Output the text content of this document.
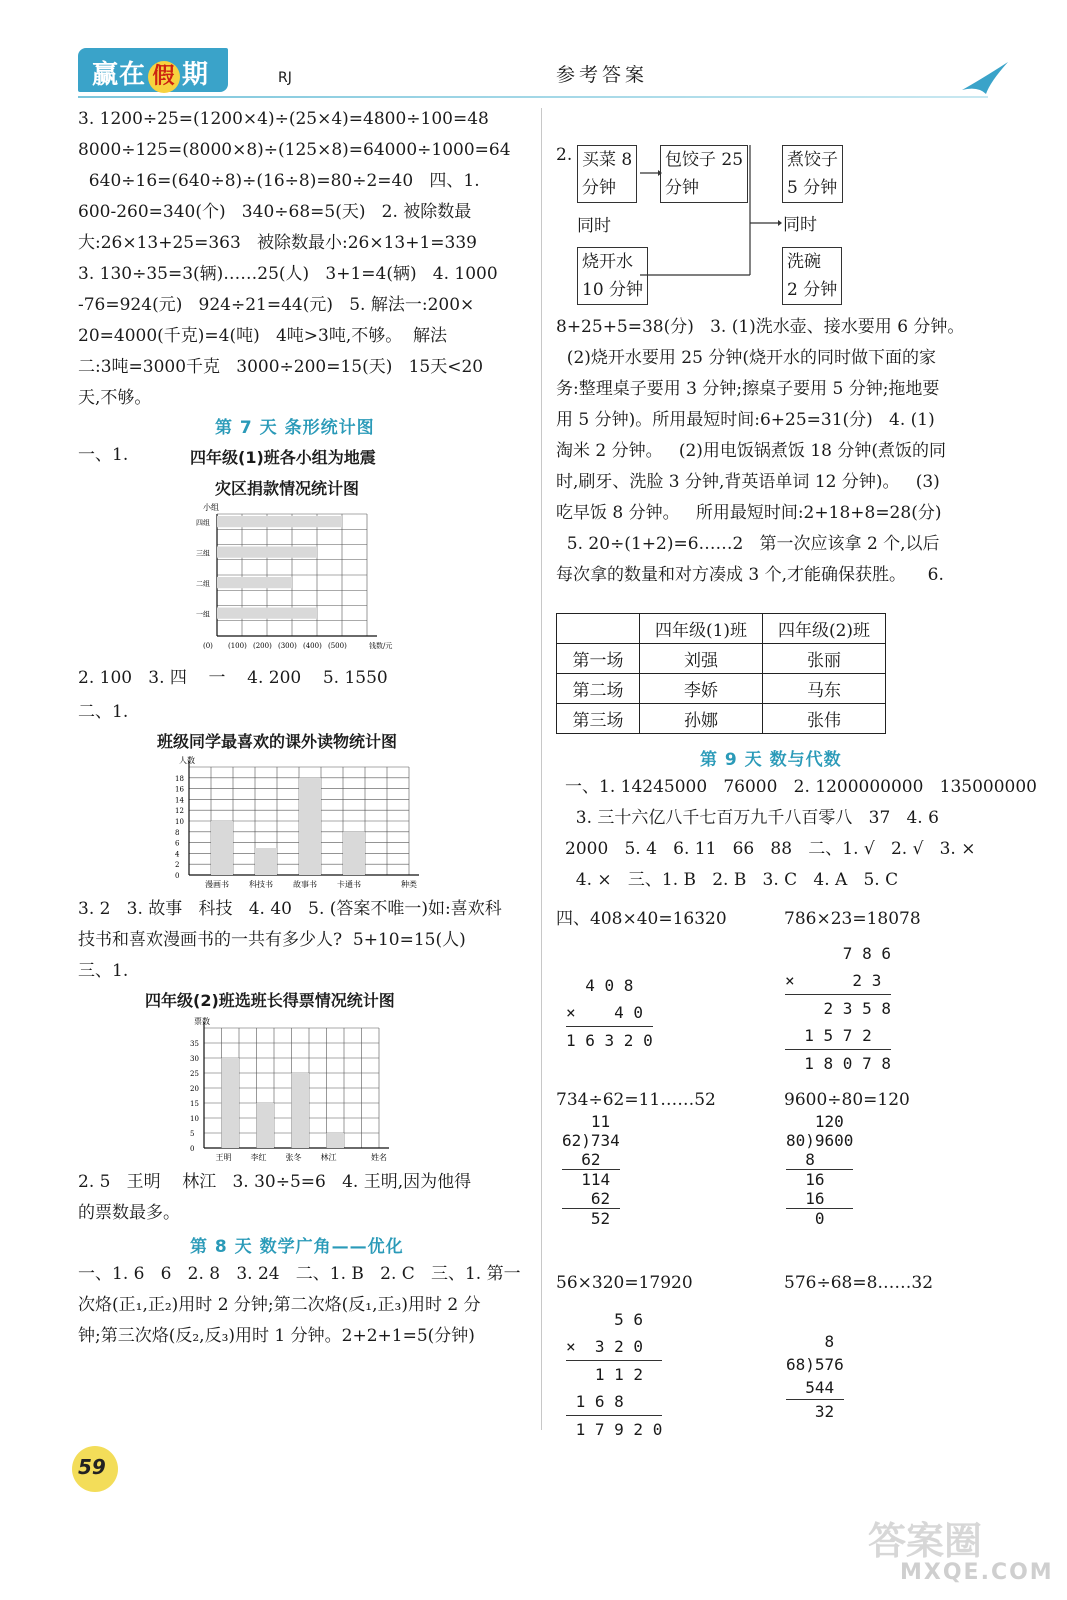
赢在 假 期	RJ	参考答案
3. 1200÷25=(1200×4)÷(25×4)=4800÷100=48
8000÷125=(8000×8)÷(125×8)=64000÷1000=64
640÷16=(640÷8)÷(16÷8)=80÷2=40   四、1.
600-260=340(个)   340÷68=5(天)   2. 被除数最
大:26×13+25=363   被除数最小:26×13+1=339
3. 130÷35=3(辆)……25(人)   3+1=4(辆)   4. 1000
-76=924(元)   924÷21=44(元)   5. 解法一:200×
20=4000(千克)=4(吨)   4吨>3吨,不够。  解法
二:3吨=3000千克   3000÷200=15(天)   15天<20
天,不够。
第 7 天 条形统计图
一、1.	四年级(1)班各小组为地震
灾区捐款情况统计图
小组
一组
二组
三组
四组
(0) (100) (200) (300) (400) (500)	钱数/元
2. 100   3. 四    一    4. 200    5. 1550
二、1.
班级同学最喜欢的课外读物统计图
人数
0
2
4
6
8
10
12
14
16
18
漫画书	科技书	故事书	卡通书	种类
3. 2   3. 故事   科技   4. 40   5. (答案不唯一)如:喜欢科
技书和喜欢漫画书的一共有多少人?  5+10=15(人)
三、1.
四年级(2)班选班长得票情况统计图
票数
0
5
10
15
20
25
30
35
王明 李红 张冬 林江	姓名
2. 5   王明    林江   3. 30÷5=6   4. 王明,因为他得
的票数最多。
第 8 天 数学广角——优化
一、1. 6   6   2. 8   3. 24   二、1. B   2. C   三、1. 第一
次烙(正₁,正₂)用时 2 分钟;第二次烙(反₁,正₃)用时 2 分
钟;第三次烙(反₂,反₃)用时 1 分钟。2+2+1=5(分钟)
2. 买菜 8
分钟
包饺子 25
分钟
煮饺子
5 分钟
同时
烧开水
10 分钟
同时
洗碗
2 分钟
8+25+5=38(分)   3. (1)洗水壶、接水要用 6 分钟。
(2)烧开水要用 25 分钟(烧开水的同时做下面的家
务:整理桌子要用 3 分钟;擦桌子要用 5 分钟;拖地要
用 5 分钟)。所用最短时间:6+25=31(分)   4. (1)
淘米 2 分钟。   (2)用电饭锅煮饭 18 分钟(煮饭的同
时,刷牙、洗脸 3 分钟,背英语单词 12 分钟)。   (3)
吃早饭 8 分钟。   所用最短时间:2+18+8=28(分)
5. 20÷(1+2)=6……2   第一次应该拿 2 个,以后
每次拿的数量和对方凑成 3 个,才能确保获胜。    6.
	四年级(1)班	四年级(2)班
第一场	刘强	张丽
第二场	李娇	马东
第三场	孙娜	张伟
第 9 天 数与代数
一、1. 14245000   76000   2. 1200000000   135000000
3. 三十六亿八千七百万九千八百零八   37   4. 6
2000   5. 4   6. 11   66   88   二、1. √   2. √   3. ×
4. ×   三、1. B   2. B   3. C   4. A   5. C
四、408×40=16320	786×23=18078
4 0 8
×    4 0
1 6 3 2 0
7 8 6
×      2 3
2 3 5 8
1 5 7 2
1 8 0 7 8
734÷62=11……52	9600÷80=120
11
62)734
62
114
62
52
120
80)9600
8
16
16
0
56×320=17920	576÷68=8……32
5 6
×  3 2 0
1 1 2
1 6 8
1 7 9 2 0
8
68)576
544
32
59
答案圈
MXQE.COM
